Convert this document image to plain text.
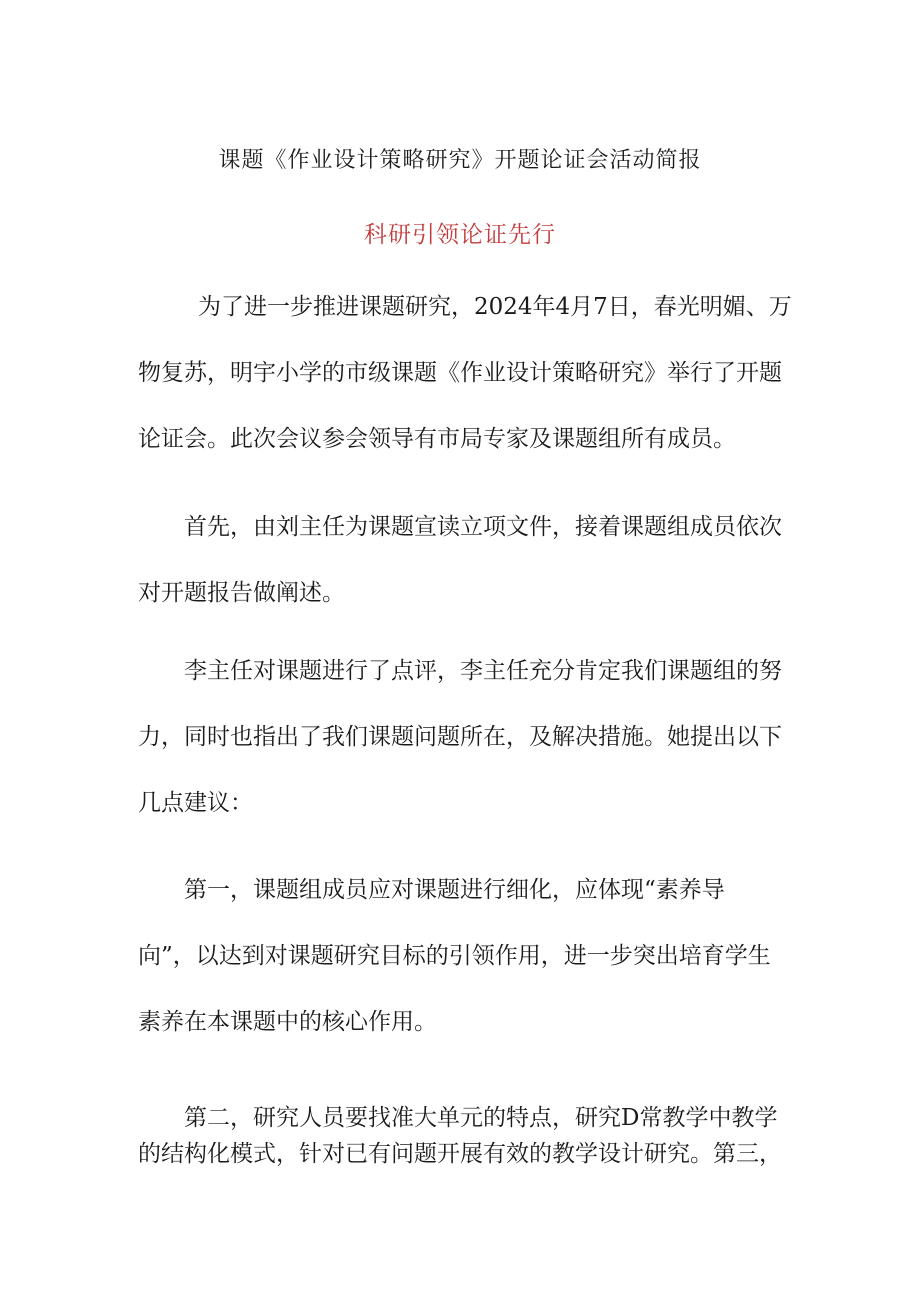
课题《作业设计策略研究》开题论证会活动简报
科研引领论证先行
为了进一步推进课题研究，2024年4月7日，春光明媚、万
物复苏，明宇小学的市级课题《作业设计策略研究》举行了开题
论证会。此次会议参会领导有市局专家及课题组所有成员。
首先，由刘主任为课题宣读立项文件，接着课题组成员依次
对开题报告做阐述。
李主任对课题进行了点评，李主任充分肯定我们课题组的努
力，同时也指出了我们课题问题所在，及解决措施。她提出以下
几点建议：
第一，课题组成员应对课题进行细化，应体现“素养导
向”，以达到对课题研究目标的引领作用，进一步突出培育学生
素养在本课题中的核心作用。
第二，研究人员要找准大单元的特点，研究D常教学中教学
的结构化模式，针对已有问题开展有效的教学设计研究。第三，
